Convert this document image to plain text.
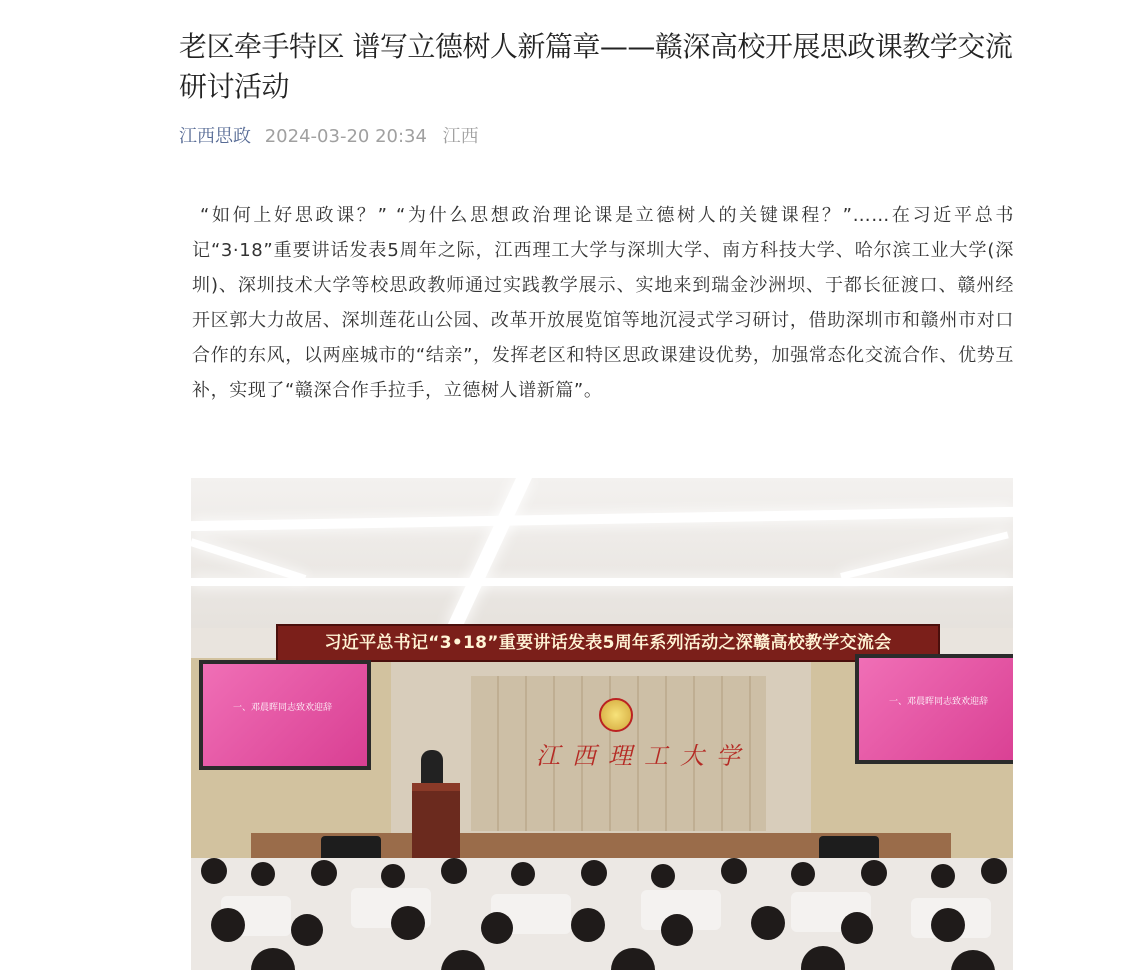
老区牵手特区 谱写立德树人新篇章——赣深高校开展思政课教学交流研讨活动
江西思政 2024-03-20 20:34 江西

“如何上好思政课？” “为什么思想政治理论课是立德树人的关键课程？”……在习近平总书记“3·18”重要讲话发表5周年之际，江西理工大学与深圳大学、南方科技大学、哈尔滨工业大学(深圳)、深圳技术大学等校思政教师通过实践教学展示、实地来到瑞金沙洲坝、于都长征渡口、赣州经开区郭大力故居、深圳莲花山公园、改革开放展览馆等地沉浸式学习研讨，借助深圳市和赣州市对口合作的东风，以两座城市的“结亲”，发挥老区和特区思政课建设优势，加强常态化交流合作、优势互补，实现了“赣深合作手拉手，立德树人谱新篇”。

习近平总书记“3•18”重要讲话发表5周年系列活动之深赣高校教学交流会
一、邓晨晖同志致欢迎辞
一、邓晨晖同志致欢迎辞
江西理工大学
